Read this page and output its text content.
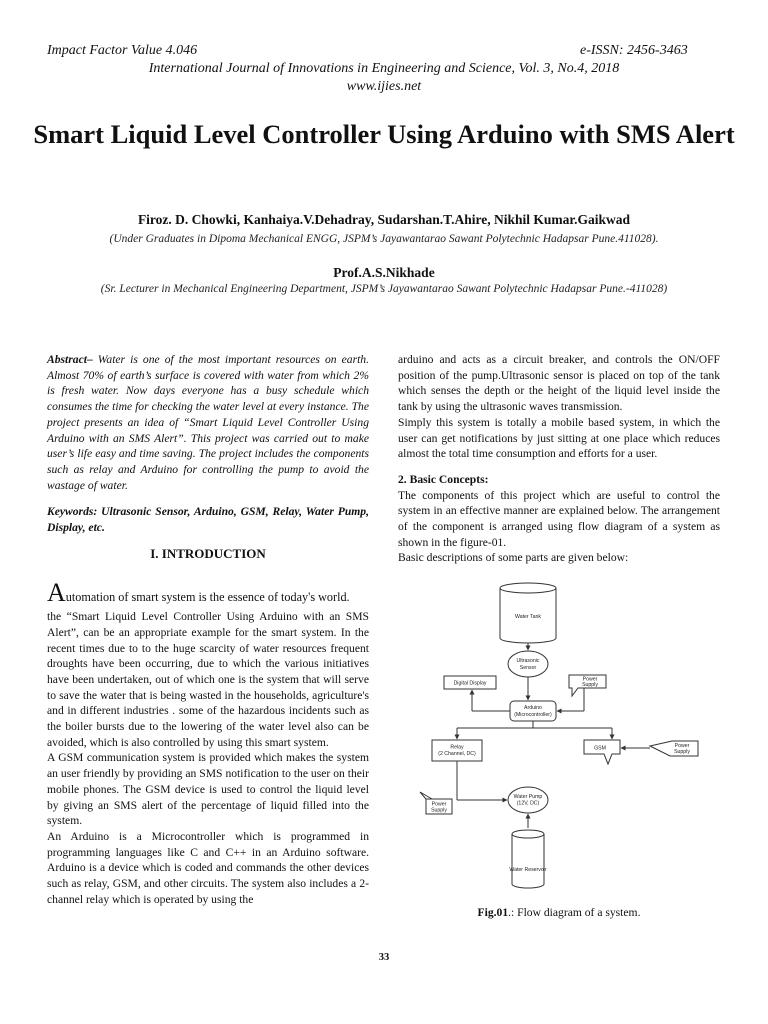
Impact Factor Value 4.046	e-ISSN: 2456-3463
International Journal of Innovations in Engineering and Science, Vol. 3, No.4, 2018
www.ijies.net
Smart Liquid Level Controller Using Arduino with SMS Alert
Firoz. D. Chowki, Kanhaiya.V.Dehadray, Sudarshan.T.Ahire, Nikhil Kumar.Gaikwad
(Under Graduates in Dipoma Mechanical ENGG, JSPM’s Jayawantarao Sawant Polytechnic Hadapsar Pune.411028).
Prof.A.S.Nikhade
(Sr. Lecturer in Mechanical Engineering Department, JSPM’s Jayawantarao Sawant Polytechnic Hadapsar Pune.-411028)

Abstract– Water is one of the most important resources on earth. Almost 70% of earth’s surface is covered with water from which 2% is fresh water. Now days everyone has a busy schedule which consumes the time for checking the water level at every instance. The project presents an idea of “Smart Liquid Level Controller Using Arduino with an SMS Alert”. This project was carried out to make user’s life easy and time saving. The project includes the components such as relay and Arduino for controlling the pump to avoid the wastage of water.

Keywords: Ultrasonic Sensor, Arduino, GSM, Relay, Water Pump, Display, etc.

I. INTRODUCTION

Automation of smart system is the essence of today's world.

the “Smart Liquid Level Controller Using Arduino with an SMS Alert”, can be an appropriate example for the smart system. In the recent times due to to the huge scarcity of water resources frequent droughts have been occurring, due to which the various initiatives have been undertaken, out of which one is the system that will serve to save the water that is being wasted in the households, agriculture's and in different industries . some of the hazardous incidents such as the boiler bursts due to the lowering of the water level also can be avoided, which is also controlled by using this smart system.

A GSM communication system is provided which makes the system an user friendly by providing an SMS notification to the user on their mobile phones. The GSM device is used to control the liquid level by giving an SMS alert of the percentage of liquid filled into the system.

An Arduino is a Microcontroller which is programmed in programming languages like C and C++ in an Arduino software. Arduino is a device which is coded and commands the other devices such as relay, GSM, and other circuits. The system also includes a 2-channel relay which is operated by using the

arduino and acts as a circuit breaker, and controls the ON/OFF position of the pump.Ultrasonic sensor is placed on top of the tank which senses the depth or the height of the liquid level inside the tank by using the ultrasonic waves transmission.

Simply this system is totally a mobile based system, in which the user can get notifications by just sitting at one place which reduces almost the total time consumption and efforts for a user.

2. Basic Concepts:

The components of this project which are useful to control the system in an effective manner are explained below. The arrangement of the component is arranged using flow diagram of a system as shown in the figure-01.

Basic descriptions of some parts are given below:

Water Tank
Ultrasonic
Sensor
Digital Display
Power
Supply
Arduino
(Microcontroller)
Relay
(2 Channel, DC)
GSM	Power
Supply
Water Pump
(12V, DC)
Power
Supply
Water Reservoir
Fig.01.: Flow diagram of a system.
33
